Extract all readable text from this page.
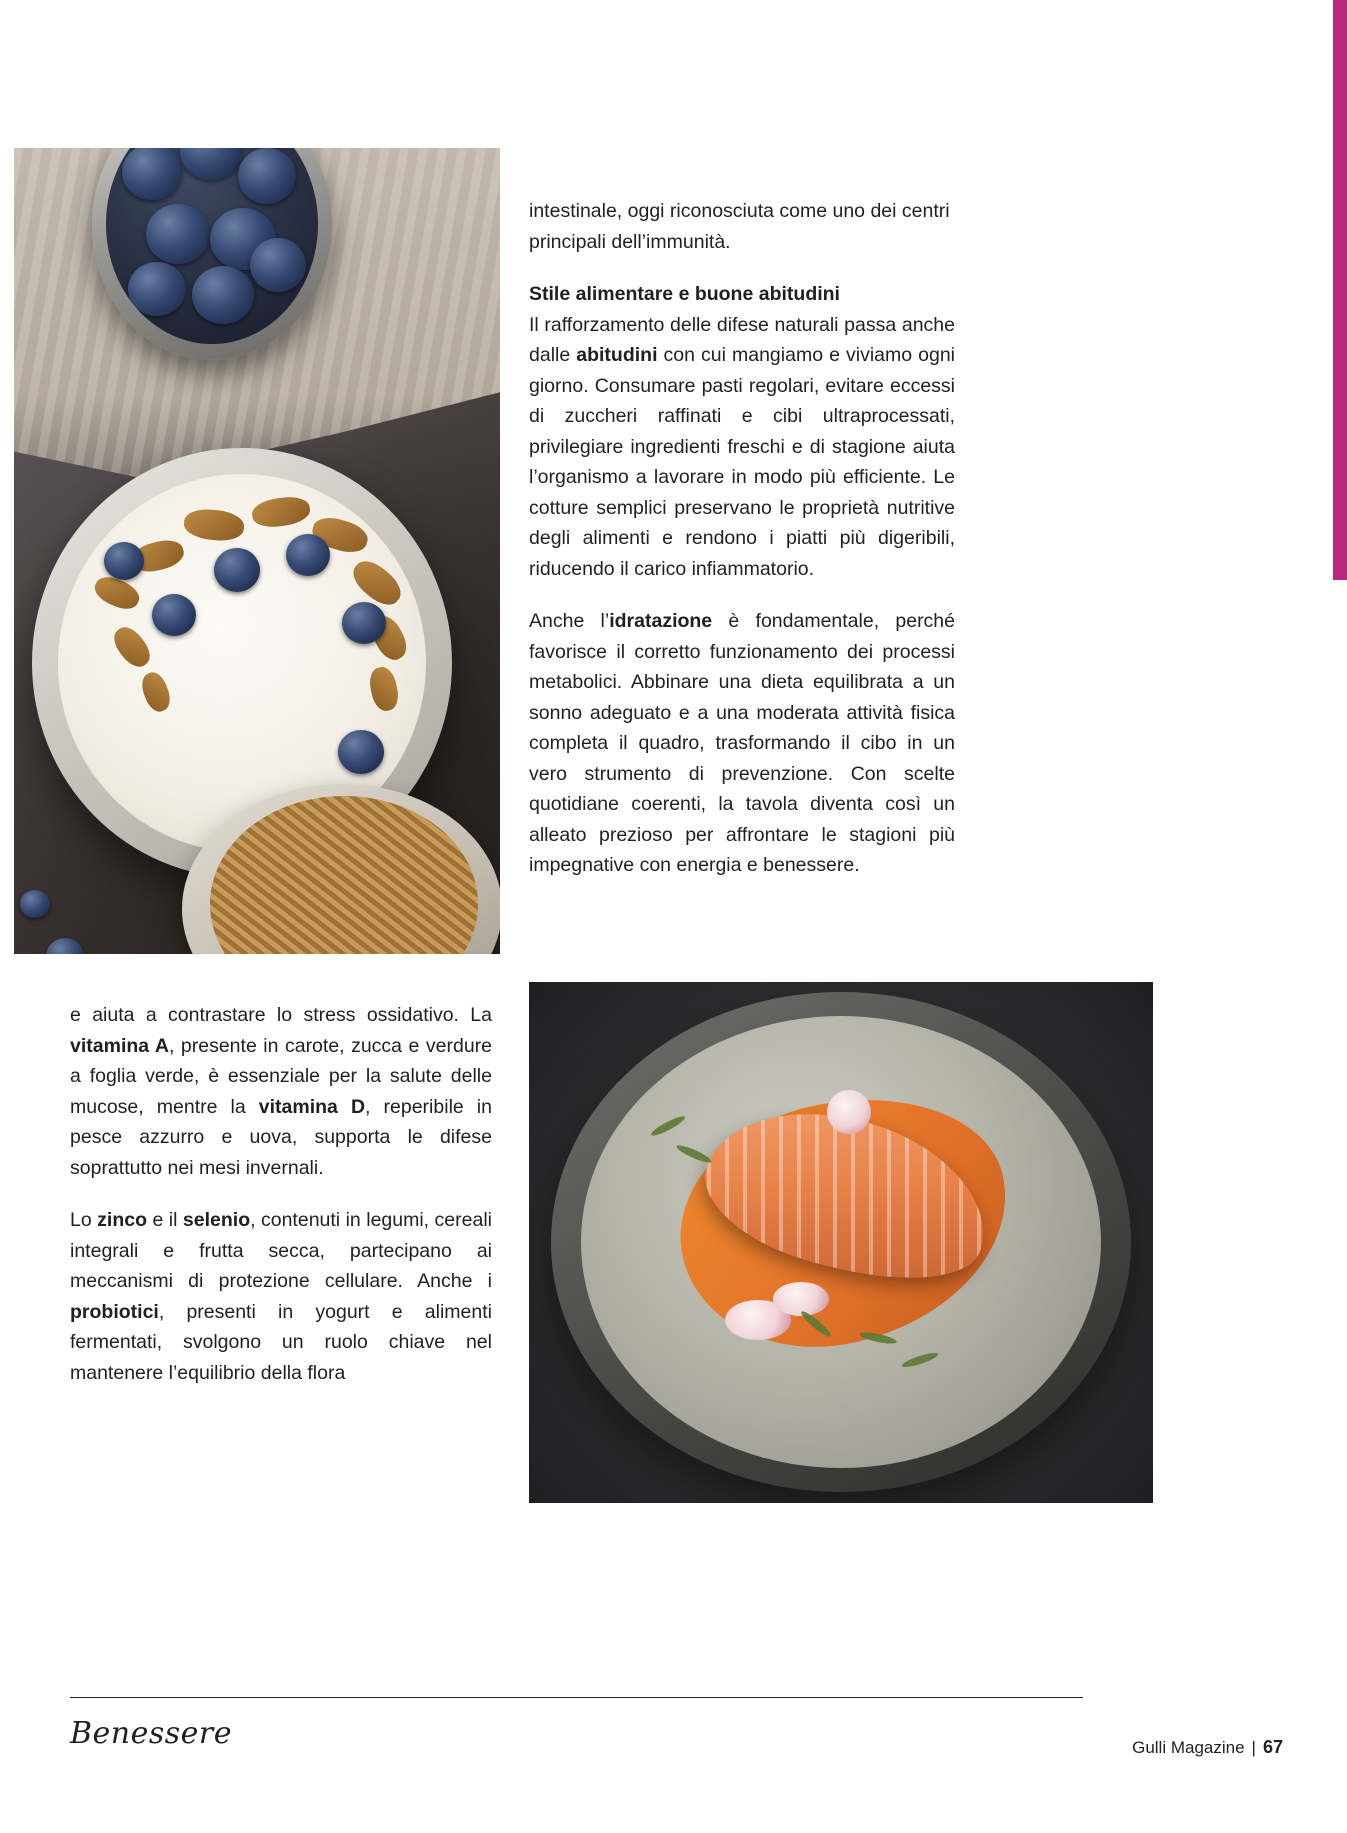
intestinale, oggi riconosciuta come uno dei centri principali dell’immunità.

Stile alimentare e buone abitudini

Il rafforzamento delle difese naturali passa anche dalle abitudini con cui mangiamo e viviamo ogni giorno. Consumare pasti regolari, evitare eccessi di zuccheri raffinati e cibi ultraprocessati, privilegiare ingredienti freschi e di stagione aiuta l’organismo a lavorare in modo più efficiente. Le cotture semplici preservano le proprietà nutritive degli alimenti e rendono i piatti più digeribili, riducendo il carico infiammatorio.

Anche l’idratazione è fondamentale, perché favorisce il corretto funzionamento dei processi metabolici. Abbinare una dieta equilibrata a un sonno adeguato e a una moderata attività fisica completa il quadro, trasformando il cibo in un vero strumento di prevenzione. Con scelte quotidiane coerenti, la tavola diventa così un alleato prezioso per affrontare le stagioni più impegnative con energia e benessere.

e aiuta a contrastare lo stress ossidativo. La vitamina A, presente in carote, zucca e verdure a foglia verde, è essenziale per la salute delle mucose, mentre la vitamina D, reperibile in pesce azzurro e uova, supporta le difese soprattutto nei mesi invernali.

Lo zinco e il selenio, contenuti in legumi, cereali integrali e frutta secca, partecipano ai meccanismi di protezione cellulare. Anche i probiotici, presenti in yogurt e alimenti fermentati, svolgono un ruolo chiave nel mantenere l’equilibrio della flora

Benessere	Gulli Magazine | 67
